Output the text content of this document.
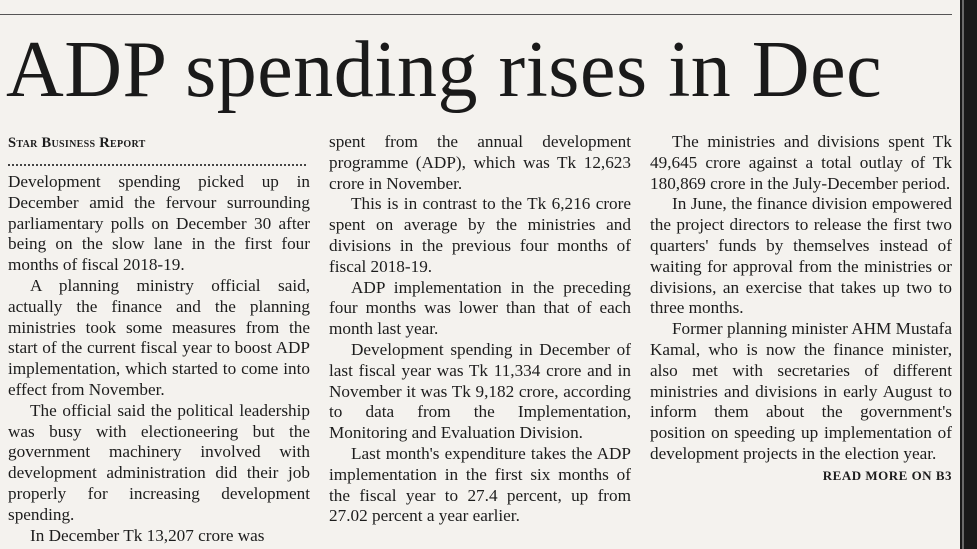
ADP spending rises in Dec
Star Business Report

Development spending picked up in December amid the fervour surrounding parliamentary polls on December 30 after being on the slow lane in the first four months of fiscal 2018-19.

A planning ministry official said, actually the finance and the planning ministries took some measures from the start of the current fiscal year to boost ADP implementation, which started to come into effect from November.

The official said the political leadership was busy with electioneering but the government machinery involved with development administration did their job properly for increasing development spending.

In December Tk 13,207 crore was

spent from the annual development programme (ADP), which was Tk 12,623 crore in November.

This is in contrast to the Tk 6,216 crore spent on average by the ministries and divisions in the previous four months of fiscal 2018-19.

ADP implementation in the preceding four months was lower than that of each month last year.

Development spending in December of last fiscal year was Tk 11,334 crore and in November it was Tk 9,182 crore, according to data from the Implementation, Monitoring and Evaluation Division.

Last month's expenditure takes the ADP implementation in the first six months of the fiscal year to 27.4 percent, up from 27.02 percent a year earlier.

The ministries and divisions spent Tk 49,645 crore against a total outlay of Tk 180,869 crore in the July-December period.

In June, the finance division empowered the project directors to release the first two quarters' funds by themselves instead of waiting for approval from the ministries or divisions, an exercise that takes up two to three months.

Former planning minister AHM Mustafa Kamal, who is now the finance minister, also met with secretaries of different ministries and divisions in early August to inform them about the government's position on speeding up implementation of development projects in the election year.

READ MORE ON B3
